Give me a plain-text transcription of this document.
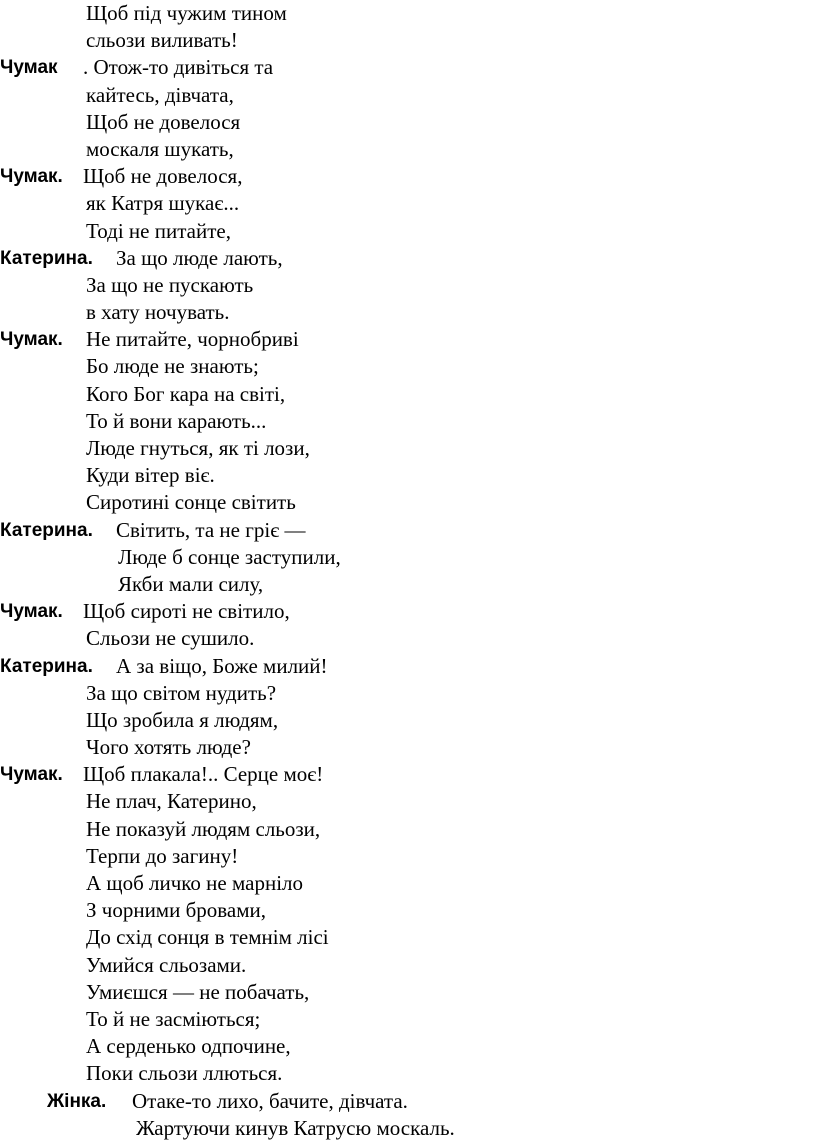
Щоб під чужим тином
сльози виливать!
Чумак . Отож-то дивіться та
кайтесь, дівчата,
Щоб не довелося
москаля шукать,
Чумак. Щоб не довелося,
як Катря шукає...
Тоді не питайте,
Катерина. За що люде лають,
За що не пускають
в хату ночувать.
Чумак. Не питайте, чорнобриві
Бо люде не знають;
Кого Бог кара на світі,
То й вони карають...
Люде гнуться, як ті лози,
Куди вітер віє.
Сиротині сонце світить
Катерина. Світить, та не гріє —
Люде б сонце заступили,
Якби мали силу,
Чумак. Щоб сироті не світило,
Сльози не сушило.
Катерина. А за віщо, Боже милий!
За що світом нудить?
Що зробила я людям,
Чого хотять люде?
Чумак. Щоб плакала!.. Серце моє!
Не плач, Катерино,
Не показуй людям сльози,
Терпи до загину!
А щоб личко не марніло
З чорними бровами,
До схід сонця в темнім лісі
Умийся сльозами.
Умиєшся — не побачать,
То й не засміються;
А серденько одпочине,
Поки сльози ллються.
Жінка. Отаке-то лихо, бачите, дівчата.
Жартуючи кинув Катрусю москаль.
